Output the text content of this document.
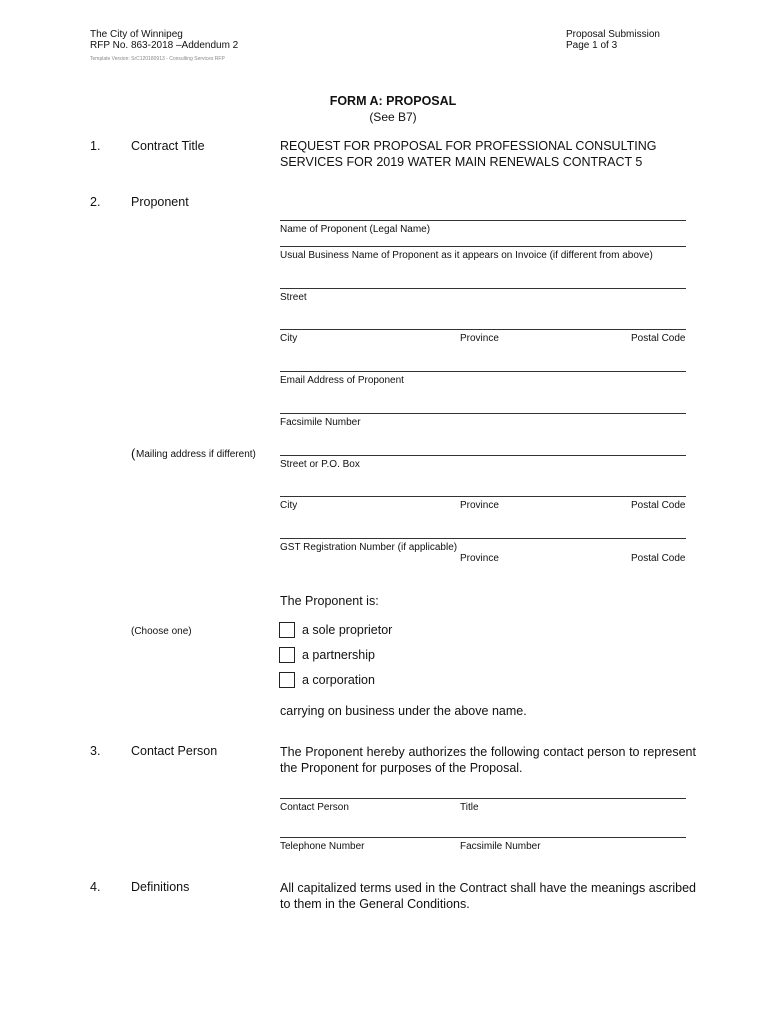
The City of Winnipeg
RFP No. 863-2018 –Addendum 2
Template Version: SrC120180913 - Consulting Services RFP
Proposal Submission
Page 1 of 3
FORM A: PROPOSAL
(See B7)
1. Contract Title	REQUEST FOR PROPOSAL FOR PROFESSIONAL CONSULTING
SERVICES FOR 2019 WATER MAIN RENEWALS CONTRACT 5
2. Proponent
Name of Proponent (Legal Name)
Usual Business Name of Proponent as it appears on Invoice (if different from above)
Street
City	Province	Postal Code
Email Address of Proponent
Facsimile Number
( Mailing address if different)
Street or P.O. Box
City	Province	Postal Code
GST Registration Number (if applicable)
Province	Postal Code
The Proponent is:
(Choose one)	a sole proprietor
a partnership
a corporation
carrying on business under the above name.
3. Contact Person	The Proponent hereby authorizes the following contact person to represent the Proponent for purposes of the Proposal.
Contact Person	Title
Telephone Number	Facsimile Number
4. Definitions	All capitalized terms used in the Contract shall have the meanings ascribed to them in the General Conditions.
